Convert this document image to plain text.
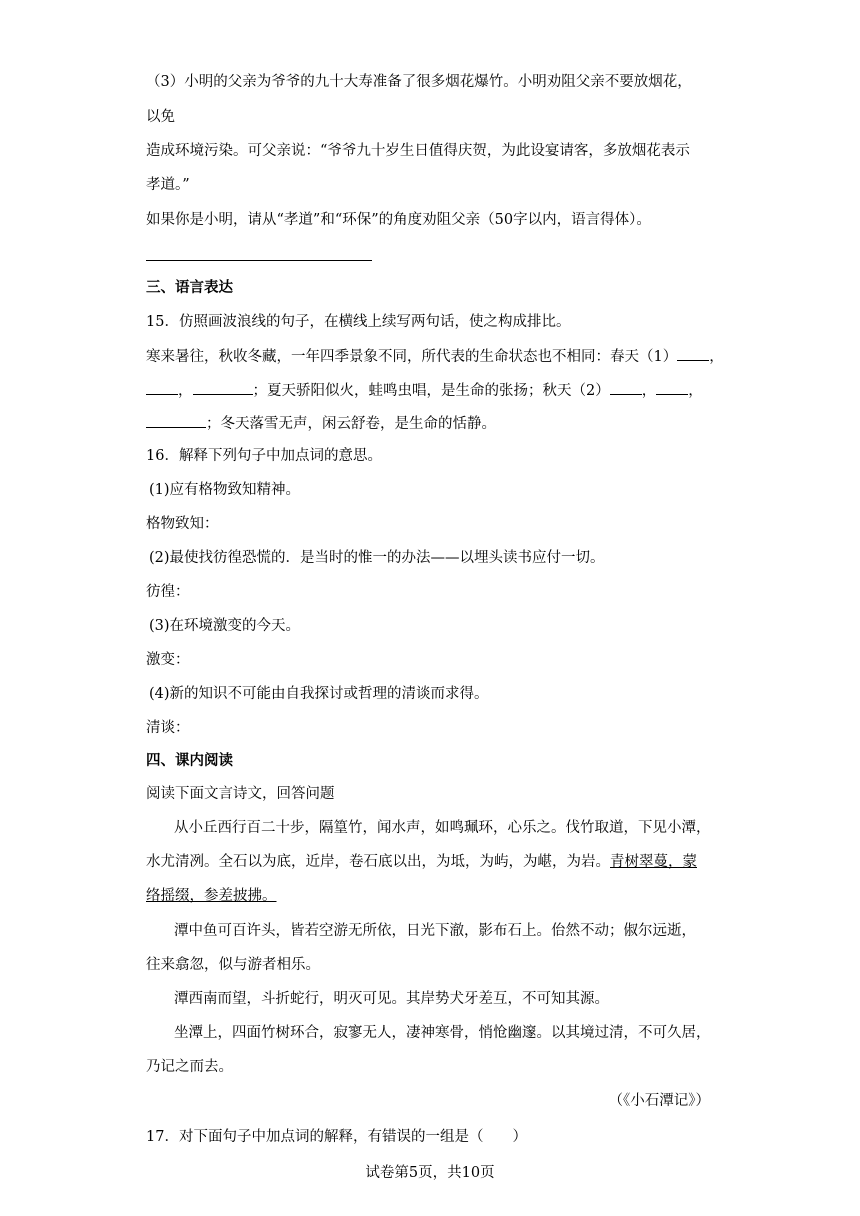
（3）小明的父亲为爷爷的九十大寿准备了很多烟花爆竹。小明劝阻父亲不要放烟花，
以免
造成环境污染。可父亲说：“爷爷九十岁生日值得庆贺，为此设宴请客，多放烟花表示
孝道。”
如果你是小明，请从“孝道”和“环保”的角度劝阻父亲（50字以内，语言得体）。
三、语言表达
15．仿照画波浪线的句子，在横线上续写两句话，使之构成排比。
寒来暑往，秋收冬藏，一年四季景象不同，所代表的生命状态也不相同：春天（1） ，
，	；夏天骄阳似火，蛙鸣虫唱，是生命的张扬；秋天（2） ， ，
；冬天落雪无声，闲云舒卷，是生命的恬静。
16．解释下列句子中加点词的意思。
(1)应有格物致知精神。
格物致知：
(2)最使找彷徨恐慌的．是当时的惟一的办法——以埋头读书应付一切。
彷徨：
(3)在环境激变的今天。
激变：
(4)新的知识不可能由自我探讨或哲理的清谈而求得。
清谈：
四、课内阅读
阅读下面文言诗文，回答问题
从小丘西行百二十步，隔篁竹，闻水声，如鸣珮环，心乐之。伐竹取道，下见小潭，
水尤清冽。全石以为底，近岸，卷石底以出，为坻，为屿，为嵁，为岩。青树翠蔓，蒙
络摇缀，参差披拂。
潭中鱼可百许头，皆若空游无所依，日光下澈，影布石上。佁然不动；俶尔远逝，
往来翕忽，似与游者相乐。
潭西南而望，斗折蛇行，明灭可见。其岸势犬牙差互，不可知其源。
坐潭上，四面竹树环合，寂寥无人，凄神寒骨，悄怆幽邃。以其境过清，不可久居，
乃记之而去。
（《小石潭记》）
17．对下面句子中加点词的解释，有错误的一组是（　　）
试卷第5页，共10页
